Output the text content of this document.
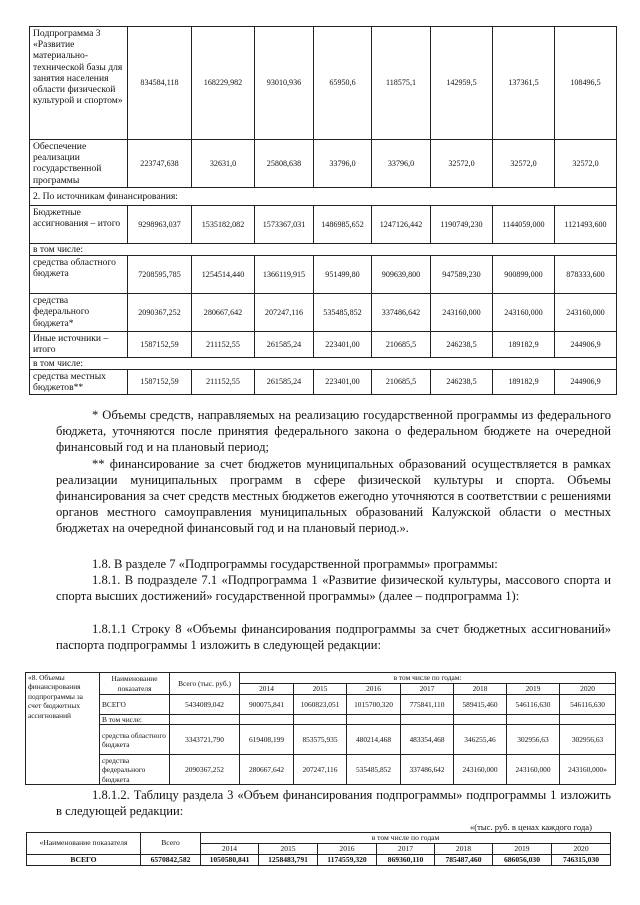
Подпрограмма 3 «Развитие материально-технической базы для занятия населения области физической культурой и спортом»	834584,118	168229,982	93010,936	65950,6	118575,1	142959,5	137361,5	108496,5
Обеспечение реализации государственной программы	223747,638	32631,0	25808,638	33796,0	33796,0	32572,0	32572,0	32572,0
2. По источникам финансирования:								
Бюджетные ассигнования – итого	9298963,037	1535182,082	1573367,031	1486985,652	1247126,442	1190749,230	1144059,000	1121493,600
в том числе:								
средства областного бюджета	7208595,785	1254514,440	1366119,915	951499,80	909639,800	947589,230	900899,000	878333,600
средства федерального бюджета*	2090367,252	280667,642	207247,116	535485,852	337486,642	243160,000	243160,000	243160,000
Иные источники – итого	1587152,59	211152,55	261585,24	223401,00	210685,5	246238,5	189182,9	244906,9
в том числе:								
средства местных бюджетов**	1587152,59	211152,55	261585,24	223401,00	210685,5	246238,5	189182,9	244906,9

* Объемы средств, направляемых на реализацию государственной программы из федерального бюджета, уточняются после принятия федерального закона о федеральном бюджете на очередной финансовый год и на плановый период;

** финансирование за счет бюджетов муниципальных образований осуществляется в рамках реализации муниципальных программ в сфере физической культуры и спорта. Объемы финансирования за счет средств местных бюджетов ежегодно уточняются в соответствии с решениями органов местного самоуправления муниципальных образований Калужской области о местных бюджетах на очередной финансовый год и на плановый период.».

1.8. В разделе 7 «Подпрограммы государственной программы» программы:

1.8.1. В подразделе 7.1 «Подпрограмма 1 «Развитие физической культуры, массового спорта и спорта высших достижений» государственной программы» (далее – подпрограмма 1):

1.8.1.1 Строку 8 «Объемы финансирования подпрограммы за счет бюджетных ассигнований» паспорта подпрограммы 1 изложить в следующей редакции:

«8. Объемы финансирования подпрограммы за счет бюджетных ассигнований	Наименование показателя	Всего (тыс. руб.)	в том числе по годам:						
			2014	2015	2016	2017	2018	2019	2020
	ВСЕГО	5434089,042	900075,841	1060823,051	1015700,320	775841,110	589415,460	546116,630	546116,630
	В том числе:								
	средства областного бюджета	3343721,790	619408,199	853575,935	480214,468	483354,468	346255,46	302956,63	302956,63
	средства федерального бюджета	2090367,252	280667,642	207247,116	535485,852	337486,642	243160,000	243160,000	243160,000»

1.8.1.2. Таблицу раздела 3 «Объем финансирования подпрограммы» подпрограммы 1 изложить в следующей редакции:

«(тыс. руб. в ценах каждого года)
«Наименование показателя	Всего	в том числе по годам						
		2014	2015	2016	2017	2018	2019	2020
ВСЕГО	6570842,582	1050580,841	1258483,791	1174559,320	869360,110	785487,460	686056,030	746315,030
